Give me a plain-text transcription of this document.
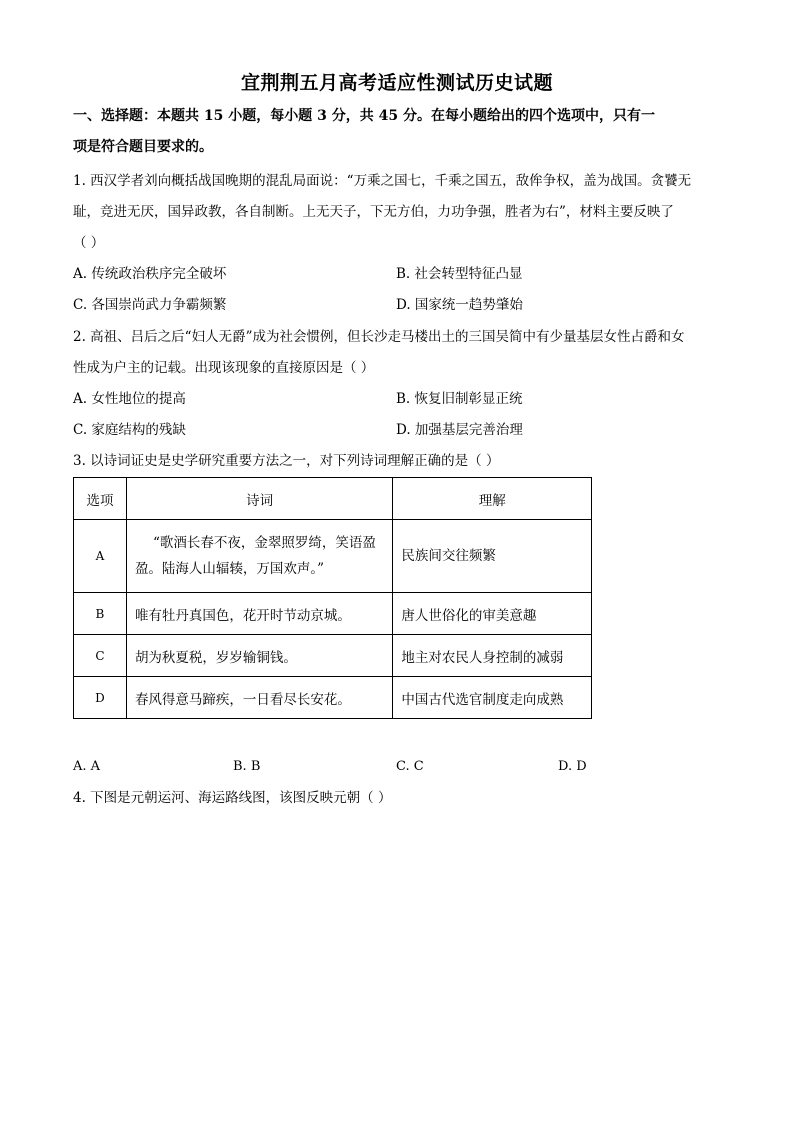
宜荆荆五月高考适应性测试历史试题
一、选择题：本题共 15 小题，每小题 3 分，共 45 分。在每小题给出的四个选项中，只有一
项是符合题目要求的。
1. 西汉学者刘向概括战国晚期的混乱局面说：“万乘之国七，千乘之国五，敌侔争权，盖为战国。贪饕无
耻，竞进无厌，国异政教，各自制断。上无天子，下无方伯，力功争强，胜者为右”，材料主要反映了
（ ）
A. 传统政治秩序完全破坏	B. 社会转型特征凸显
C. 各国崇尚武力争霸频繁	D. 国家统一趋势肇始
2. 高祖、吕后之后“妇人无爵”成为社会惯例，但长沙走马楼出土的三国吴简中有少量基层女性占爵和女
性成为户主的记载。出现该现象的直接原因是（ ）
A. 女性地位的提高	B. 恢复旧制彰显正统
C. 家庭结构的残缺	D. 加强基层完善治理
3. 以诗词证史是史学研究重要方法之一，对下列诗词理解正确的是（ ）
选项	诗词	理解
A	“歌酒长春不夜，金翠照罗绮，笑语盈盈。陆海人山辐辏，万国欢声。”	民族间交往频繁
B	唯有牡丹真国色，花开时节动京城。	唐人世俗化的审美意趣
C	胡为秋夏税，岁岁输铜钱。	地主对农民人身控制的减弱
D	春风得意马蹄疾，一日看尽长安花。	中国古代选官制度走向成熟
A. A	B. B	C. C	D. D
4. 下图是元朝运河、海运路线图，该图反映元朝（ ）
